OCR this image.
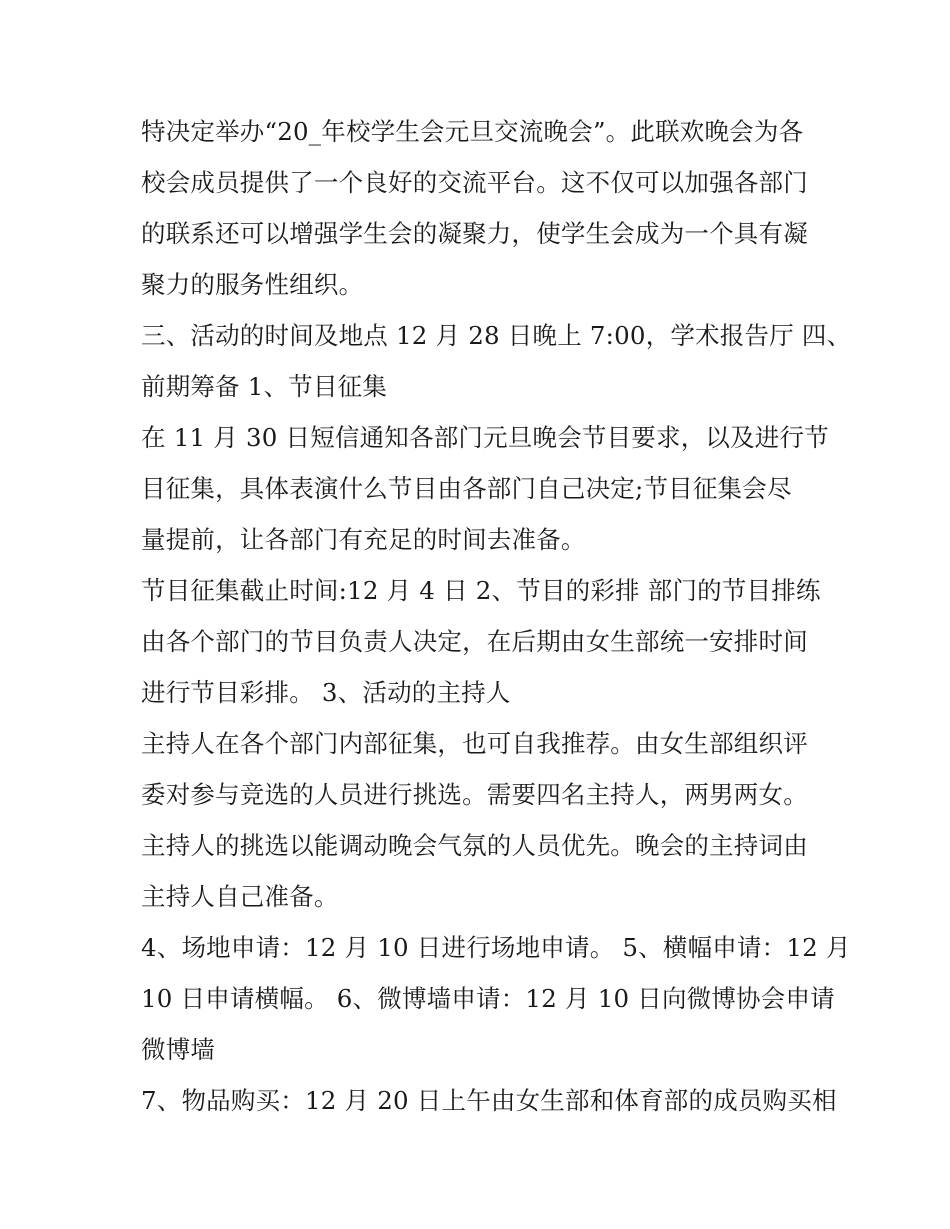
特决定举办“20_年校学生会元旦交流晚会”。此联欢晚会为各
校会成员提供了一个良好的交流平台。这不仅可以加强各部门
的联系还可以增强学生会的凝聚力，使学生会成为一个具有凝
聚力的服务性组织。
三、活动的时间及地点 12 月 28 日晚上 7:00，学术报告厅 四、
前期筹备 1、节目征集
在 11 月 30 日短信通知各部门元旦晚会节目要求，以及进行节
目征集，具体表演什么节目由各部门自己决定;节目征集会尽
量提前，让各部门有充足的时间去准备。
节目征集截止时间:12 月 4 日 2、节目的彩排 部门的节目排练
由各个部门的节目负责人决定，在后期由女生部统一安排时间
进行节目彩排。 3、活动的主持人
主持人在各个部门内部征集，也可自我推荐。由女生部组织评
委对参与竞选的人员进行挑选。需要四名主持人，两男两女。
主持人的挑选以能调动晚会气氛的人员优先。晚会的主持词由
主持人自己准备。
4、场地申请：12 月 10 日进行场地申请。 5、横幅申请：12 月
10 日申请横幅。 6、微博墙申请：12 月 10 日向微博协会申请
微博墙
7、物品购买：12 月 20 日上午由女生部和体育部的成员购买相
